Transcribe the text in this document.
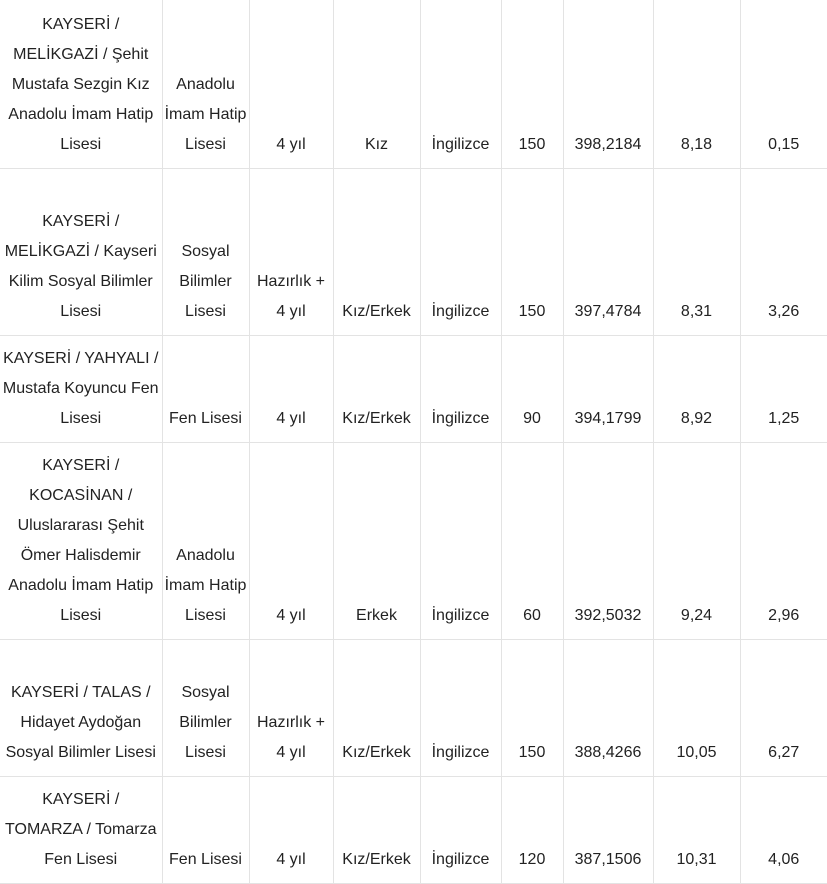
KAYSERİ / MELİKGAZİ / Şehit Mustafa Sezgin Kız Anadolu İmam Hatip Lisesi	Anadolu İmam Hatip Lisesi	4 yıl	Kız	İngilizce	150	398,2184	8,18	0,15

KAYSERİ / MELİKGAZİ / Kayseri Kilim Sosyal Bilimler Lisesi	Sosyal Bilimler Lisesi	Hazırlık + 4 yıl	Kız/Erkek	İngilizce	150	397,4784	8,31	3,26

KAYSERİ / YAHYALI / Mustafa Koyuncu Fen Lisesi	Fen Lisesi	4 yıl	Kız/Erkek	İngilizce	90	394,1799	8,92	1,25

KAYSERİ / KOCASİNAN / Uluslararası Şehit Ömer Halisdemir Anadolu İmam Hatip Lisesi	Anadolu İmam Hatip Lisesi	4 yıl	Erkek	İngilizce	60	392,5032	9,24	2,96

KAYSERİ / TALAS / Hidayet Aydoğan Sosyal Bilimler Lisesi	Sosyal Bilimler Lisesi	Hazırlık + 4 yıl	Kız/Erkek	İngilizce	150	388,4266	10,05	6,27

KAYSERİ / TOMARZA / Tomarza Fen Lisesi	Fen Lisesi	4 yıl	Kız/Erkek	İngilizce	120	387,1506	10,31	4,06
